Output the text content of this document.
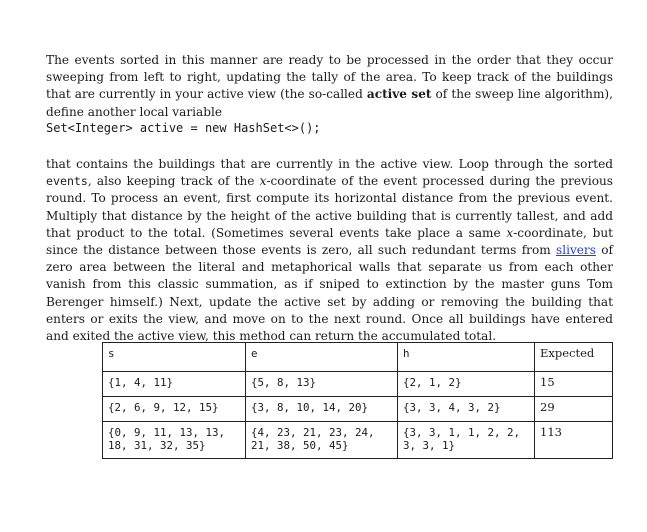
The events sorted in this manner are ready to be processed in the order that they occur sweeping from left to right, updating the tally of the area. To keep track of the buildings that are currently in your active view (the so-called active set of the sweep line algorithm), define another local variable

Set<Integer> active = new HashSet<>();

that contains the buildings that are currently in the active view. Loop through the sorted events, also keeping track of the x-coordinate of the event processed during the previous round. To process an event, first compute its horizontal distance from the previous event. Multiply that distance by the height of the active building that is currently tallest, and add that product to the total. (Sometimes several events take place a same x-coordinate, but since the distance between those events is zero, all such redundant terms from slivers of zero area between the literal and metaphorical walls that separate us from each other vanish from this classic summation, as if sniped to extinction by the master guns Tom Berenger himself.) Next, update the active set by adding or removing the building that enters or exits the view, and move on to the next round. Once all buildings have entered and exited the active view, this method can return the accumulated total.

s	e	h	Expected
{1, 4, 11}	{5, 8, 13}	{2, 1, 2}	15
{2, 6, 9, 12, 15}	{3, 8, 10, 14, 20}	{3, 3, 4, 3, 2}	29
{0, 9, 11, 13, 13, 18, 31, 32, 35}	{4, 23, 21, 23, 24, 21, 38, 50, 45}	{3, 3, 1, 1, 2, 2, 3, 3, 1}	113
